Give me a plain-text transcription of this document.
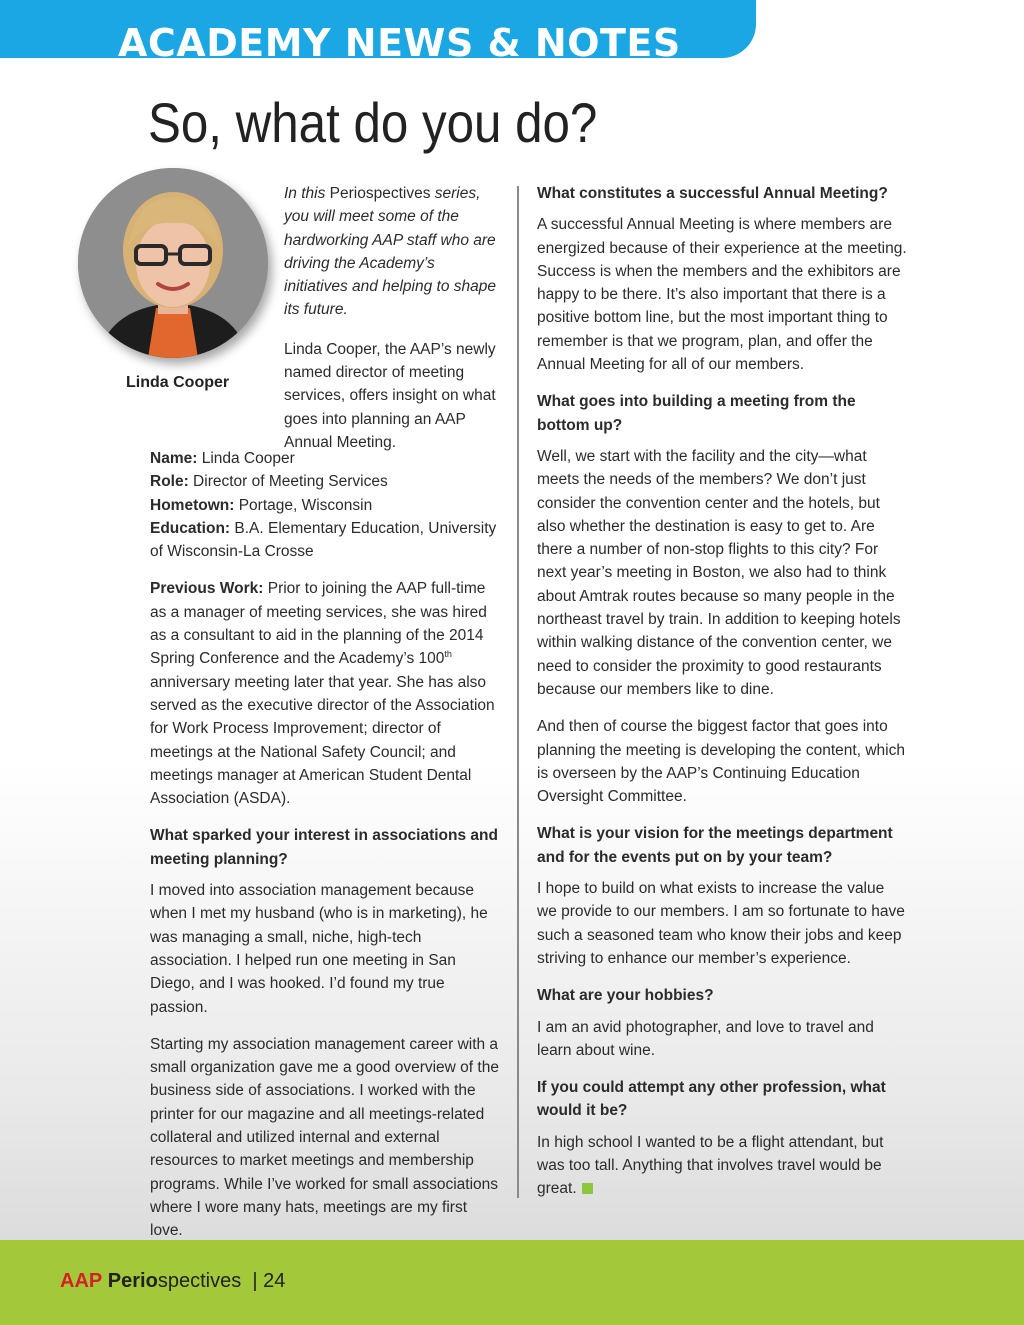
ACADEMY NEWS & NOTES
So, what do you do?
Linda Cooper

In this Periospectives series, you will meet some of the hardworking AAP staff who are driving the Academy’s initiatives and helping to shape its future.

Linda Cooper, the AAP’s newly named director of meeting services, offers insight on what goes into planning an AAP Annual Meeting.

Name: Linda Cooper

Role: Director of Meeting Services

Hometown: Portage, Wisconsin

Education: B.A. Elementary Education, University of Wisconsin-La Crosse

Previous Work: Prior to joining the AAP full-time as a manager of meeting services, she was hired as a consultant to aid in the planning of the 2014 Spring Conference and the Academy’s 100th anniversary meeting later that year. She has also served as the executive director of the Association for Work Process Improvement; director of meetings at the National Safety Council; and meetings manager at American Student Dental Association (ASDA).

What sparked your interest in associations and meeting planning?

I moved into association management because when I met my husband (who is in marketing), he was managing a small, niche, high-tech association. I helped run one meeting in San Diego, and I was hooked. I’d found my true passion.

Starting my association management career with a small organization gave me a good overview of the business side of associations. I worked with the printer for our magazine and all meetings-related collateral and utilized internal and external resources to market meetings and membership programs. While I’ve worked for small associations where I wore many hats, meetings are my first love.

What constitutes a successful Annual Meeting?

A successful Annual Meeting is where members are energized because of their experience at the meeting. Success is when the members and the exhibitors are happy to be there. It’s also important that there is a positive bottom line, but the most important thing to remember is that we program, plan, and offer the Annual Meeting for all of our members.

What goes into building a meeting from the bottom up?

Well, we start with the facility and the city—what meets the needs of the members? We don’t just consider the convention center and the hotels, but also whether the destination is easy to get to. Are there a number of non-stop flights to this city? For next year’s meeting in Boston, we also had to think about Amtrak routes because so many people in the northeast travel by train. In addition to keeping hotels within walking distance of the convention center, we need to consider the proximity to good restaurants because our members like to dine.

And then of course the biggest factor that goes into planning the meeting is developing the content, which is overseen by the AAP’s Continuing Education Oversight Committee.

What is your vision for the meetings department and for the events put on by your team?

I hope to build on what exists to increase the value we provide to our members. I am so fortunate to have such a seasoned team who know their jobs and keep striving to enhance our member’s experience.

What are your hobbies?

I am an avid photographer, and love to travel and learn about wine.

If you could attempt any other profession, what would it be?

In high school I wanted to be a flight attendant, but was too tall. Anything that involves travel would be great.

AAP Periospectives  | 24
